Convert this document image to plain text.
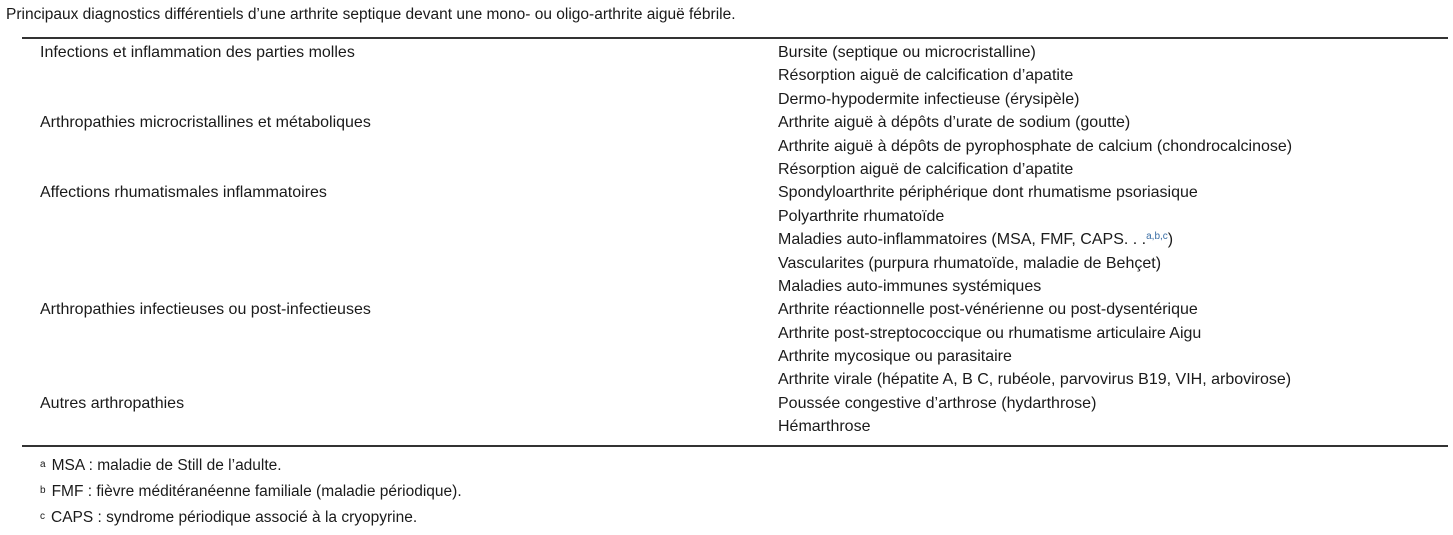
Principaux diagnostics différentiels d’une arthrite septique devant une mono- ou oligo-arthrite aiguë fébrile.
Infections et inflammation des parties molles	Bursite (septique ou microcristalline)
Résorption aiguë de calcification d’apatite
Dermo-hypodermite infectieuse (érysipèle)
Arthropathies microcristallines et métaboliques	Arthrite aiguë à dépôts d’urate de sodium (goutte)
Arthrite aiguë à dépôts de pyrophosphate de calcium (chondrocalcinose)
Résorption aiguë de calcification d’apatite
Affections rhumatismales inflammatoires	Spondyloarthrite périphérique dont rhumatisme psoriasique
Polyarthrite rhumatoïde
Maladies auto-inflammatoires (MSA, FMF, CAPS. . .$^{a,b,c}$)
Vascularites (purpura rhumatoïde, maladie de Behçet)
Maladies auto-immunes systémiques
Arthropathies infectieuses ou post-infectieuses	Arthrite réactionnelle post-vénérienne ou post-dysentérique
Arthrite post-streptococcique ou rhumatisme articulaire Aigu
Arthrite mycosique ou parasitaire
Arthrite virale (hépatite A, B C, rubéole, parvovirus B19, VIH, arbovirose)
Autres arthropathies	Poussée congestive d’arthrose (hydarthrose)
Hémarthrose
$^a$ MSA : maladie de Still de l’adulte.
$^b$ FMF : fièvre méditéranéenne familiale (maladie périodique).
$^c$ CAPS : syndrome périodique associé à la cryopyrine.
